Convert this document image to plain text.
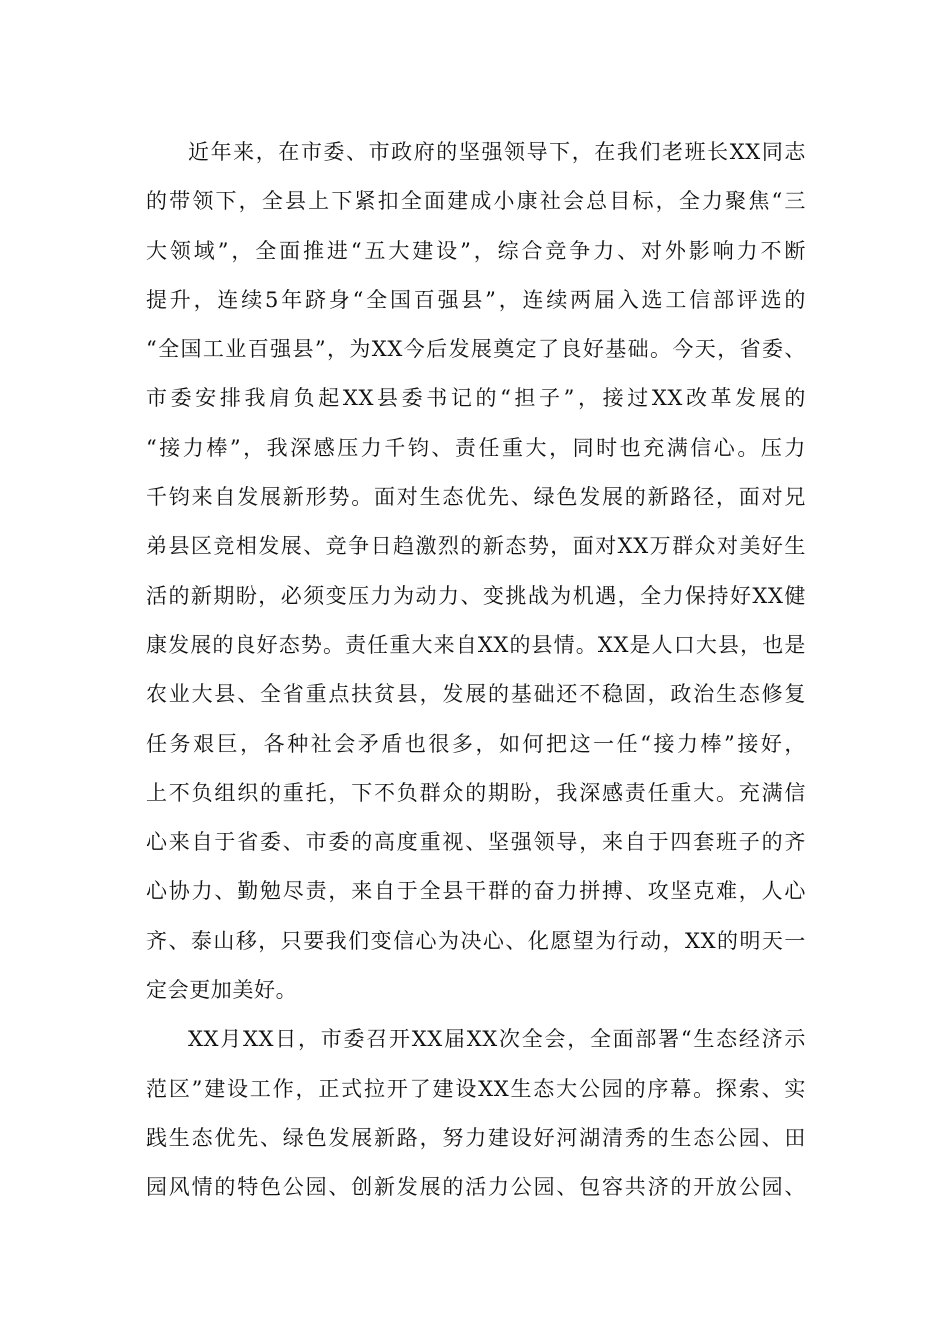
近年来，在市委、市政府的坚强领导下，在我们老班长XX同志
的带领下，全县上下紧扣全面建成小康社会总目标，全力聚焦“三
大领域”，全面推进“五大建设”，综合竞争力、对外影响力不断
提升，连续5年跻身“全国百强县”，连续两届入选工信部评选的
“全国工业百强县”，为XX今后发展奠定了良好基础。今天，省委、
市委安排我肩负起XX县委书记的“担子”，接过XX改革发展的
“接力棒”，我深感压力千钧、责任重大，同时也充满信心。压力
千钧来自发展新形势。面对生态优先、绿色发展的新路径，面对兄
弟县区竞相发展、竞争日趋激烈的新态势，面对XX万群众对美好生
活的新期盼，必须变压力为动力、变挑战为机遇，全力保持好XX健
康发展的良好态势。责任重大来自XX的县情。XX是人口大县，也是
农业大县、全省重点扶贫县，发展的基础还不稳固，政治生态修复
任务艰巨，各种社会矛盾也很多，如何把这一任“接力棒”接好，
上不负组织的重托，下不负群众的期盼，我深感责任重大。充满信
心来自于省委、市委的高度重视、坚强领导，来自于四套班子的齐
心协力、勤勉尽责，来自于全县干群的奋力拼搏、攻坚克难，人心
齐、泰山移，只要我们变信心为决心、化愿望为行动，XX的明天一
定会更加美好。
XX月XX日，市委召开XX届XX次全会，全面部署“生态经济示
范区”建设工作，正式拉开了建设XX生态大公园的序幕。探索、实
践生态优先、绿色发展新路，努力建设好河湖清秀的生态公园、田
园风情的特色公园、创新发展的活力公园、包容共济的开放公园、
